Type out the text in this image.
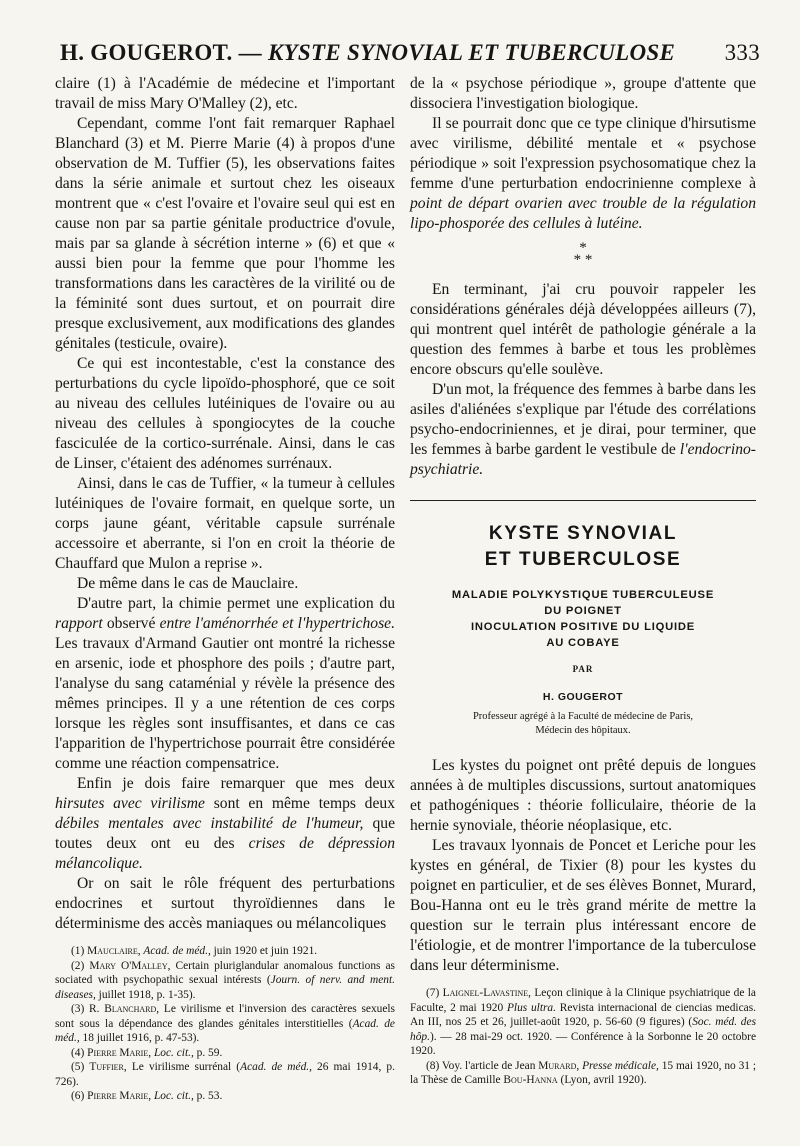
H. GOUGEROT. — KYSTE SYNOVIAL ET TUBERCULOSE 333

claire (1) à l'Académie de médecine et l'important travail de miss Mary O'Malley (2), etc.

Cependant, comme l'ont fait remarquer Raphael Blanchard (3) et M. Pierre Marie (4) à propos d'une observation de M. Tuffier (5), les observations faites dans la série animale et surtout chez les oiseaux montrent que « c'est l'ovaire et l'ovaire seul qui est en cause non par sa partie génitale productrice d'ovule, mais par sa glande à sécrétion interne » (6) et que « aussi bien pour la femme que pour l'homme les transformations dans les caractères de la virilité ou de la féminité sont dues surtout, et on pourrait dire presque exclusivement, aux modifications des glandes génitales (testicule, ovaire).

Ce qui est incontestable, c'est la constance des perturbations du cycle lipoïdo-phosphoré, que ce soit au niveau des cellules lutéiniques de l'ovaire ou au niveau des cellules à spongiocytes de la couche fasciculée de la cortico-surrénale. Ainsi, dans le cas de Linser, c'étaient des adénomes surrénaux.

Ainsi, dans le cas de Tuffier, « la tumeur à cellules lutéiniques de l'ovaire formait, en quelque sorte, un corps jaune géant, véritable capsule surrénale accessoire et aberrante, si l'on en croit la théorie de Chauffard que Mulon a reprise ».

De même dans le cas de Mauclaire.

D'autre part, la chimie permet une explication du rapport observé entre l'aménorrhée et l'hypertrichose. Les travaux d'Armand Gautier ont montré la richesse en arsenic, iode et phosphore des poils ; d'autre part, l'analyse du sang cataménial y révèle la présence des mêmes principes. Il y a une rétention de ces corps lorsque les règles sont insuffisantes, et dans ce cas l'apparition de l'hypertrichose pourrait être considérée comme une réaction compensatrice.

Enfin je dois faire remarquer que mes deux hirsutes avec virilisme sont en même temps deux débiles mentales avec instabilité de l'humeur, que toutes deux ont eu des crises de dépression mélancolique.

Or on sait le rôle fréquent des perturbations endocrines et surtout thyroïdiennes dans le déterminisme des accès maniaques ou mélancoliques

(1) Mauclaire, Acad. de méd., juin 1920 et juin 1921.

(2) Mary O'Malley, Certain pluriglandular anomalous functions as sociated with psychopathic sexual intérests (Journ. of nerv. and ment. diseases, juillet 1918, p. 1-35).

(3) R. Blanchard, Le virilisme et l'inversion des caractères sexuels sont sous la dépendance des glandes génitales interstitielles (Acad. de méd., 18 juillet 1916, p. 47-53).

(4) Pierre Marie, Loc. cit., p. 59.

(5) Tuffier, Le virilisme surrénal (Acad. de méd., 26 mai 1914, p. 726).

(6) Pierre Marie, Loc. cit., p. 53.

de la « psychose périodique », groupe d'attente que dissociera l'investigation biologique.

Il se pourrait donc que ce type clinique d'hirsutisme avec virilisme, débilité mentale et « psychose périodique » soit l'expression psychosomatique chez la femme d'une perturbation endocrinienne complexe à point de départ ovarien avec trouble de la régulation lipo-phosporée des cellules à lutéine.

*
* *

En terminant, j'ai cru pouvoir rappeler les considérations générales déjà développées ailleurs (7), qui montrent quel intérêt de pathologie générale a la question des femmes à barbe et tous les problèmes encore obscurs qu'elle soulève.

D'un mot, la fréquence des femmes à barbe dans les asiles d'aliénées s'explique par l'étude des corrélations psycho-endocriniennes, et je dirai, pour terminer, que les femmes à barbe gardent le vestibule de l'endocrino-psychiatrie.

KYSTE SYNOVIAL
ET TUBERCULOSE
MALADIE POLYKYSTIQUE TUBERCULEUSE
DU POIGNET
INOCULATION POSITIVE DU LIQUIDE
AU COBAYE
PAR
H. GOUGEROT
Professeur agrégé à la Faculté de médecine de Paris,
Médecin des hôpitaux.

Les kystes du poignet ont prêté depuis de longues années à de multiples discussions, surtout anatomiques et pathogéniques : théorie folliculaire, théorie de la hernie synoviale, théorie néoplasique, etc.

Les travaux lyonnais de Poncet et Leriche pour les kystes en général, de Tixier (8) pour les kystes du poignet en particulier, et de ses élèves Bonnet, Murard, Bou-Hanna ont eu le très grand mérite de mettre la question sur le terrain plus intéressant encore de l'étiologie, et de montrer l'importance de la tuberculose dans leur déterminisme.

(7) Laignel-Lavastine, Leçon clinique à la Clinique psychiatrique de la Faculte, 2 mai 1920 Plus ultra. Revista internacional de ciencias medicas. An III, nos 25 et 26, juillet-août 1920, p. 56-60 (9 figures) (Soc. méd. des hôp.). — 28 mai-29 oct. 1920. — Conférence à la Sorbonne le 20 octobre 1920.

(8) Voy. l'article de Jean Murard, Presse médicale, 15 mai 1920, no 31 ; la Thèse de Camille Bou-Hanna (Lyon, avril 1920).
